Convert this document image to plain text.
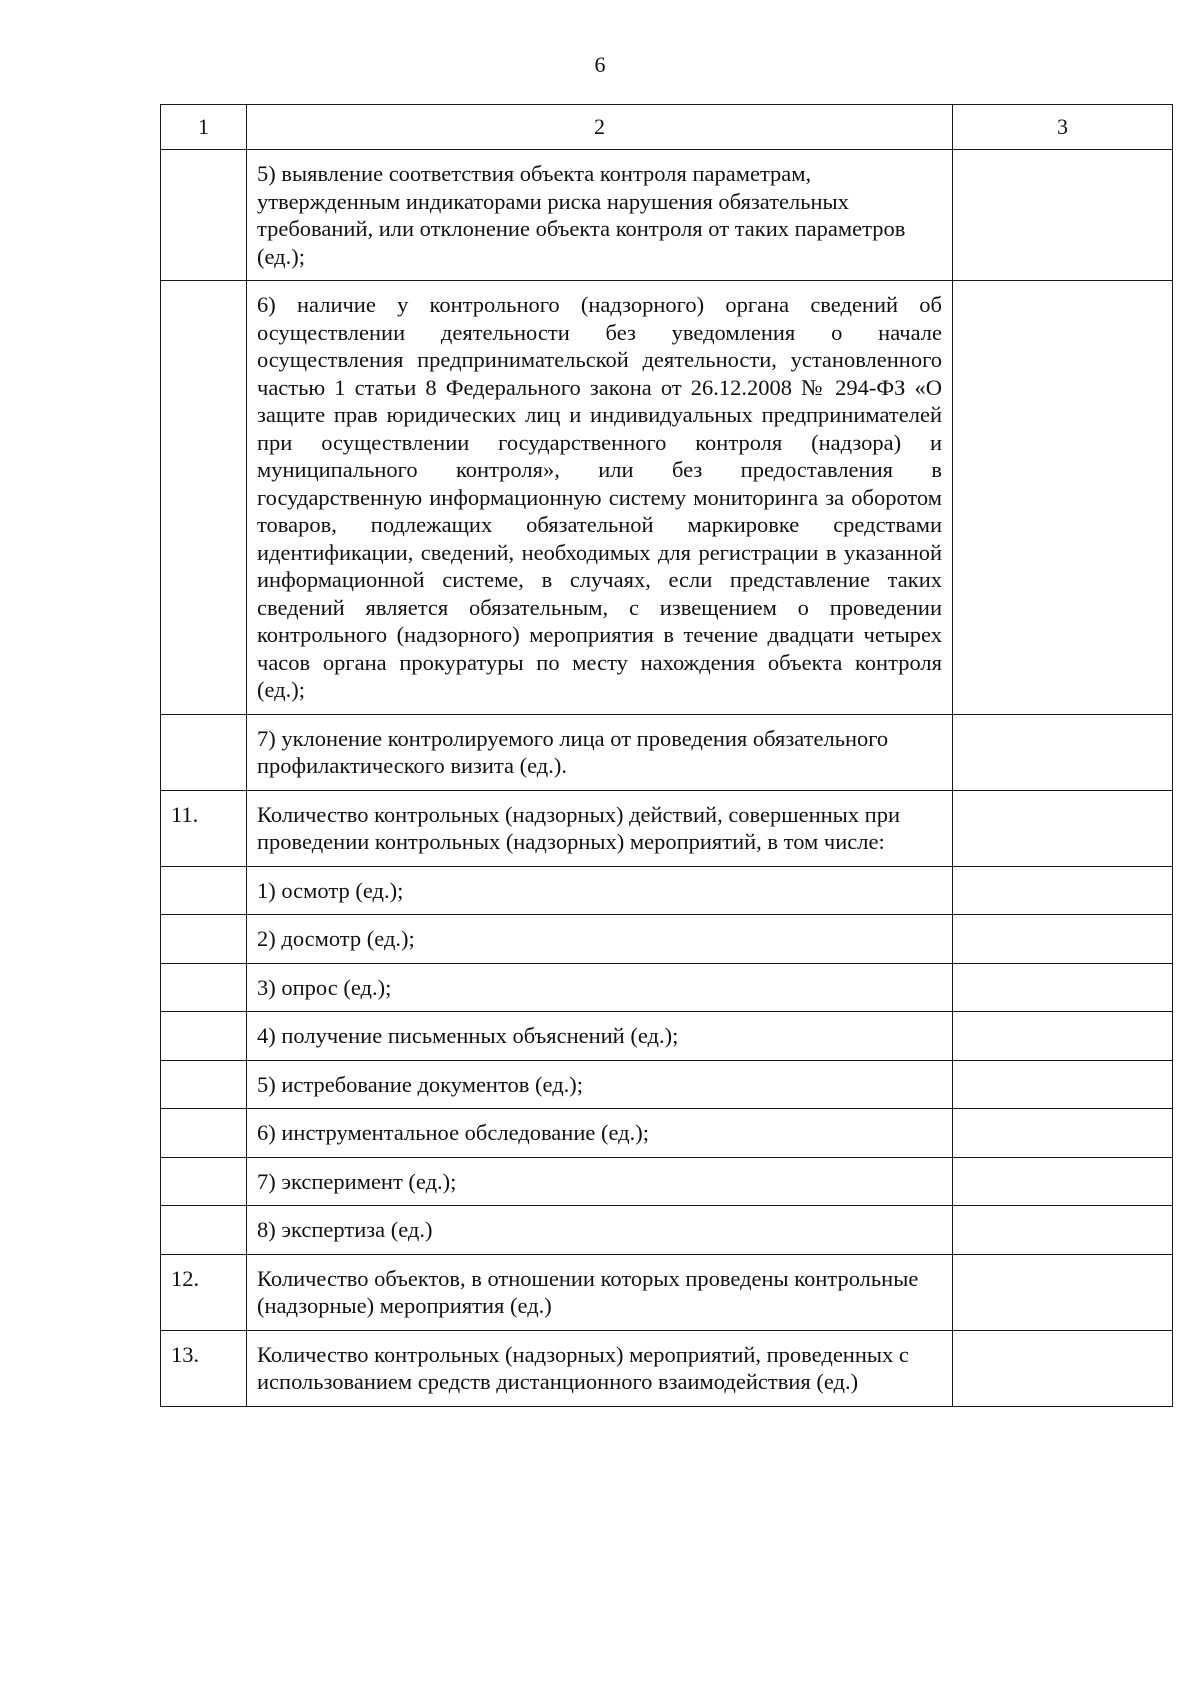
6
1	2	3
	5) выявление соответствия объекта контроля параметрам, утвержденным индикаторами риска нарушения обязательных требований, или отклонение объекта контроля от таких параметров (ед.);	
	6) наличие у контрольного (надзорного) органа сведений об осуществлении деятельности без уведомления о начале осуществления предпринимательской деятельности, установленного частью 1 статьи 8 Федерального закона от 26.12.2008 № 294-ФЗ «О защите прав юридических лиц и индивидуальных предпринимателей при осуществлении государственного контроля (надзора) и муниципального контроля», или без предоставления в государственную информационную систему мониторинга за оборотом товаров, подлежащих обязательной маркировке средствами идентификации, сведений, необходимых для регистрации в указанной информационной системе, в случаях, если представление таких сведений является обязательным, с извещением о проведении контрольного (надзорного) мероприятия в течение двадцати четырех часов органа прокуратуры по месту нахождения объекта контроля (ед.);	
	7) уклонение контролируемого лица от проведения обязательного профилактического визита (ед.).	
11.	Количество контрольных (надзорных) действий, совершенных при проведении контрольных (надзорных) мероприятий, в том числе:	
	1) осмотр (ед.);	
	2) досмотр (ед.);	
	3) опрос (ед.);	
	4) получение письменных объяснений (ед.);	
	5) истребование документов (ед.);	
	6) инструментальное обследование (ед.);	
	7) эксперимент (ед.);	
	8) экспертиза (ед.)	
12.	Количество объектов, в отношении которых проведены контрольные (надзорные) мероприятия (ед.)	
13.	Количество контрольных (надзорных) мероприятий, проведенных с использованием средств дистанционного взаимодействия (ед.)	
